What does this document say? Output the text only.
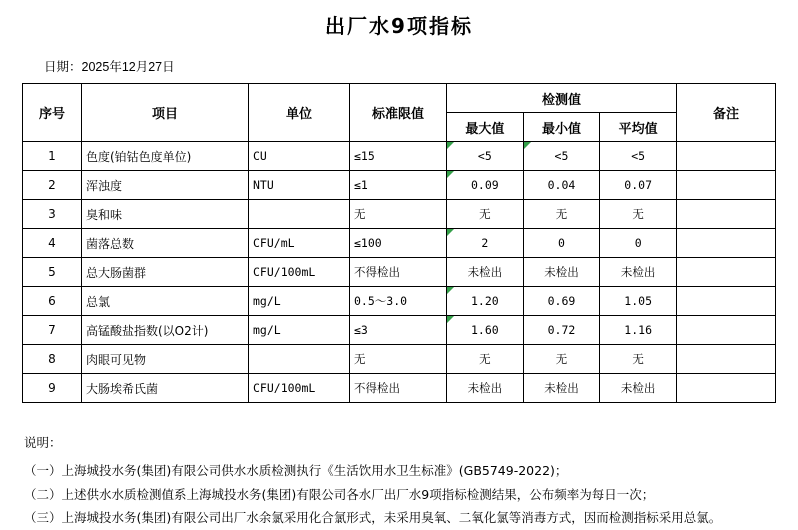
出厂水9项指标
日期：2025年12月27日
序号	项目	单位	标准限值	检测值			备注
				最大值	最小值	平均值	
1	色度(铂钴色度单位)	CU	≤15	<5	<5	<5	
2	浑浊度	NTU	≤1	0.09	0.04	0.07	
3	臭和味		无	无	无	无	
4	菌落总数	CFU/mL	≤100	2	0	0	
5	总大肠菌群	CFU/100mL	不得检出	未检出	未检出	未检出	
6	总氯	mg/L	0.5～3.0	1.20	0.69	1.05	
7	高锰酸盐指数(以O2计)	mg/L	≤3	1.60	0.72	1.16	
8	肉眼可见物		无	无	无	无	
9	大肠埃希氏菌	CFU/100mL	不得检出	未检出	未检出	未检出	
说明：
（一）上海城投水务(集团)有限公司供水水质检测执行《生活饮用水卫生标准》(GB5749-2022)；
（二）上述供水水质检测值系上海城投水务(集团)有限公司各水厂出厂水9项指标检测结果，公布频率为每日一次；
（三）上海城投水务(集团)有限公司出厂水余氯采用化合氯形式，未采用臭氧、二氧化氯等消毒方式，因而检测指标采用总氯。
